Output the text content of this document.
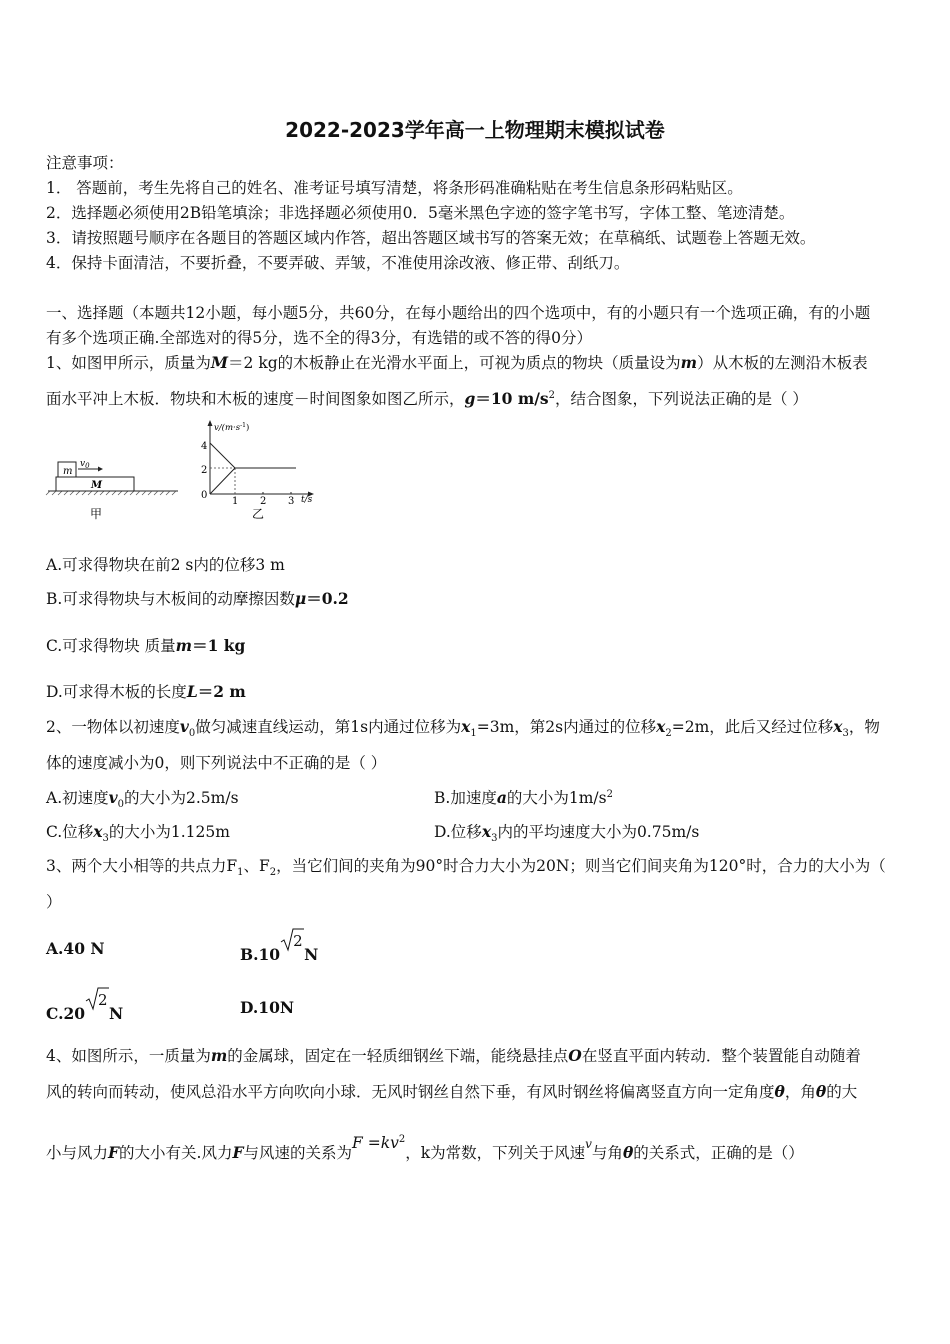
2022-2023学年高一上物理期末模拟试卷
注意事项：
1． 答题前，考生先将自己的姓名、准考证号填写清楚，将条形码准确粘贴在考生信息条形码粘贴区。
2．选择题必须使用2B铅笔填涂；非选择题必须使用0．5毫米黑色字迹的签字笔书写，字体工整、笔迹清楚。
3．请按照题号顺序在各题目的答题区域内作答，超出答题区域书写的答案无效；在草稿纸、试题卷上答题无效。
4．保持卡面清洁，不要折叠，不要弄破、弄皱，不准使用涂改液、修正带、刮纸刀。
一、选择题（本题共12小题，每小题5分，共60分，在每小题给出的四个选项中，有的小题只有一个选项正确，有的小题
有多个选项正确.全部选对的得5分，选不全的得3分，有选错的或不答的得0分）
1、如图甲所示，质量为M＝2 kg的木板静止在光滑水平面上，可视为质点的物块（质量设为m）从木板的左测沿木板表
面水平冲上木板．物块和木板的速度－时间图象如图乙所示，g＝10 $m/s^2$，结合图象，下列说法正确的是（ ）
m
$v_0$
M
甲
$v/(m\cdot s^{-1})$
t/s
4
2
0
1 2 3
乙
A.可求得物块在前2 s内的位移3 m
B.可求得物块与木板间的动摩擦因数μ＝0.2
C.可求得物块 质量m＝1 kg
D.可求得木板的长度L＝2 m
2、一物体以初速度$v_0$做匀减速直线运动，第1s内通过位移为$x_1=3m$，第2s内通过的位移$x_2=2m$，此后又经过位移$x_3$，物
体的速度减小为0，则下列说法中不正确的是（ ）
A.初速度$v_0$的大小为2.5m/s	B.加速度a的大小为$1m/s^2$
C.位移$x_3$的大小为1.125m	D.位移$x_3$内的平均速度大小为0.75m/s
3、两个大小相等的共点力$F_1$、$F_2$，当它们间的夹角为90°时合力大小为20N；则当它们间夹角为120°时，合力的大小为（
）
A.40 N	B.10
2
N
C.20
2
N	D.10N
4、如图所示，一质量为m的金属球，固定在一轻质细钢丝下端，能绕悬挂点O在竖直平面内转动．整个装置能自动随着
风的转向而转动，使风总沿水平方向吹向小球．无风时钢丝自然下垂，有风时钢丝将偏离竖直方向一定角度θ，角θ的大
小与风力F的大小有关.风力F与风速的关系为$F =kv^2$，k为常数，下列关于风速$^v$与角θ的关系式，正确的是（）
